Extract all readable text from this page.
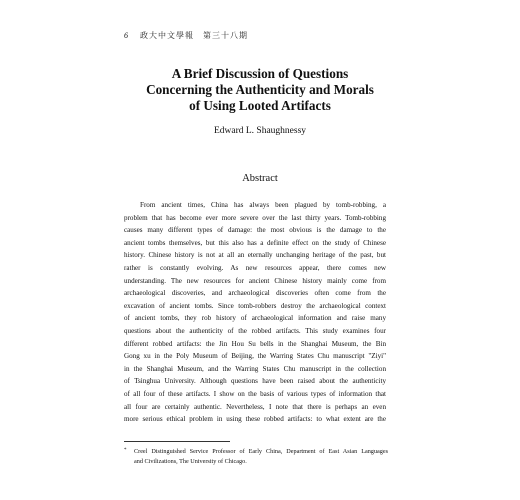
6 政大中文學報　第三十八期
A Brief Discussion of Questions
Concerning the Authenticity and Morals
of Using Looted Artifacts
Edward L. Shaughnessy
Abstract
From ancient times, China has always been plagued by tomb-robbing, a
problem that has become ever more severe over the last thirty years. Tomb-robbing
causes many different types of damage: the most obvious is the damage to the
ancient tombs themselves, but this also has a definite effect on the study of Chinese
history. Chinese history is not at all an eternally unchanging heritage of the past, but
rather is constantly evolving. As new resources appear, there comes new
understanding. The new resources for ancient Chinese history mainly come from
archaeological discoveries, and archaeological discoveries often come from the
excavation of ancient tombs. Since tomb-robbers destroy the archaeological context
of ancient tombs, they rob history of archaeological information and raise many
questions about the authenticity of the robbed artifacts. This study examines four
different robbed artifacts: the Jin Hou Su bells in the Shanghai Museum, the Bin
Gong xu in the Poly Museum of Beijing, the Warring States Chu manuscript "Ziyi"
in the Shanghai Museum, and the Warring States Chu manuscript in the collection
of Tsinghua University. Although questions have been raised about the authenticity
of all four of these artifacts. I show on the basis of various types of information that
all four are certainly authentic. Nevertheless, I note that there is perhaps an even
more serious ethical problem in using these robbed artifacts: to what extent are the
*	Creel Distinguished Service Professor of Early China, Department of East Asian Languages
and Civilizations, The University of Chicago.
